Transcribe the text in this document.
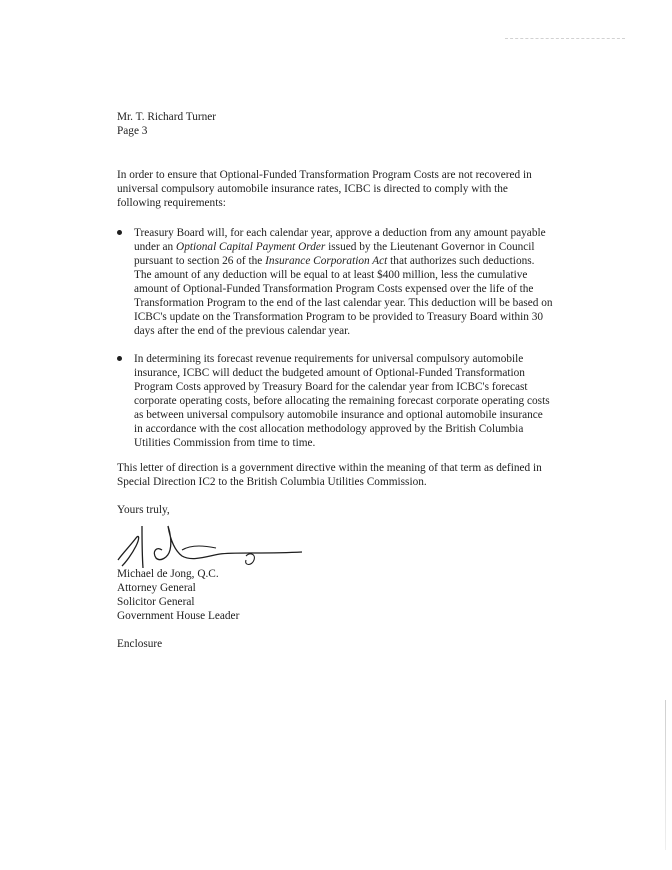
Mr. T. Richard Turner
Page 3

In order to ensure that Optional-Funded Transformation Program Costs are not recovered in universal compulsory automobile insurance rates, ICBC is directed to comply with the following requirements:

Treasury Board will, for each calendar year, approve a deduction from any amount payable under an Optional Capital Payment Order issued by the Lieutenant Governor in Council pursuant to section 26 of the Insurance Corporation Act that authorizes such deductions. The amount of any deduction will be equal to at least $400 million, less the cumulative amount of Optional-Funded Transformation Program Costs expensed over the life of the Transformation Program to the end of the last calendar year. This deduction will be based on ICBC's update on the Transformation Program to be provided to Treasury Board within 30 days after the end of the previous calendar year.
In determining its forecast revenue requirements for universal compulsory automobile insurance, ICBC will deduct the budgeted amount of Optional-Funded Transformation Program Costs approved by Treasury Board for the calendar year from ICBC's forecast corporate operating costs, before allocating the remaining forecast corporate operating costs as between universal compulsory automobile insurance and optional automobile insurance in accordance with the cost allocation methodology approved by the British Columbia Utilities Commission from time to time.

This letter of direction is a government directive within the meaning of that term as defined in Special Direction IC2 to the British Columbia Utilities Commission.

Yours truly,
Michael de Jong, Q.C.
Attorney General
Solicitor General
Government House Leader
Enclosure
